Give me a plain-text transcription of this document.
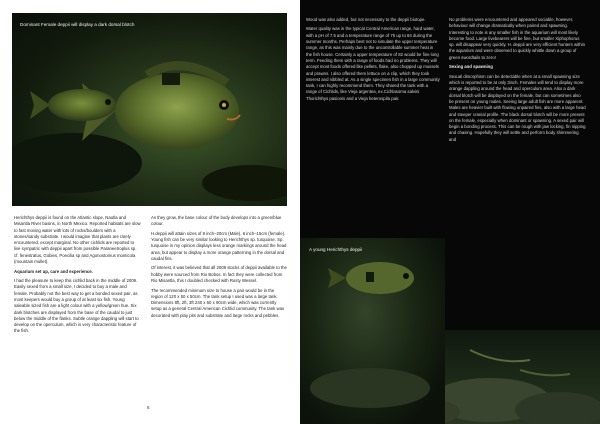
Dominant Female deppii will display a dark dorsal blotch

Herichthys deppii is found on the Atlantic slope, Nautla and Misantla River basins, in North Mexico. Reported habitats are slow to fast moving water with lots of rocks/boulders with a stones/sandy substrate. I would imagine that plants are rarely encountered, except marginal. No other cichlids are reported to live sympatric with deppii apart from possible Paraneetroplus sp. cf. fenestratus, Gobies, Poecilia sp and Agonostomus monticola (mountain mullet).

Aquarium set up, care and experience.

I had the pleasure to keep this cichlid back in the middle of 2009. Easily sexed from a small size, I decided to buy a male and female. Probably not the best way to get a bonded sexed pair, as most keepers would buy a group of at least six fish. Young saleable sized fish are a light colour with a yellow/green hue. Six dark blotches are displayed from the base of the caudal to just below the middle of the flanks. Subtle orange dappling will start to develop on the operculum, which is very characteristic feature of the fish.

As they grow, the base colour of the body develops into a green/blue colour.

H.deppii will attain sizes of 8 inch–20cm (Male), 6 inch–15cm (female). Young fish can be very similar looking to Herichthys sp. turquoise. Sp. turquoise in my opinion displays less orange markings around the head area, but appear to display a more orange patterning in the dorsal and caudal fins.

Of interest, it was believed that all 2009 stocks of deppii available to the hobby were sourced from Rio Bobos. In fact they were collected from Rio Misantla, this I doubled checked with Rusty Wessel.

The recommended minimum size to house a pair would be in the region of 120 x 50 x 50cm. The tank setup I used was a large tank. Dimensions 8ft, 2ft, 3ft 240 x 60 x 90cm wide, which was currently setup as a general Central American Cichlid community. The tank was decorated with play pits and substrate and large rocks and pebbles.

6
A young Herichthys deppii

Wood was also added, but not necessary to the deppii biotope.

Water quality was in the typical Central American range, hard water, with a pH of 7.5 and a temperature range of 75 up to 84 during the summer months. Perhaps best not to simulate the upper temperature range, as this was mainly due to the uncontrollable summer heat in the fish house. Certainly a upper temperature of 82 would be fine long term. Feeding them with a range of foods had no problems. They will accept most foods offered like pellets, flake, also chopped up mussels and prawns. I also offered them lettuce on a clip, which they took interest and nibbled at. As a single specimen fish in a large community tank, I can highly recommend them. They shared the tank with a range of Cichlids, like Vieja argentea, ex.Cichlasoma salvini Thorichthys pasionis and a Vieja heterospila pair.

No problems were encountered and appeared sociable, however, behaviour will change dramatically when paired and spawning. Interesting to note is any smaller fish in the aquarium will most likely become food. Large livebearers will be fine, but smaller Xiphophorus sp. will disappear very quickly. H. deppii are very efficient hunters within the aquarium and were observed to quickly whittle down a group of green swordtails to zero!

Sexing and spawning

Sexual dimorphism can be detectable when at a small spawning size which is reported to be at only 3inch. Females will tend to display more orange dappling around the head and operculum area. Also a dark dorsal blotch will be displayed on the female, but can sometimes also be present on young males. Seeing large adult fish are more apparent. Males are heavier built with flowing unpaired fins, also with a large head and steeper cranial profile. The black dorsal blotch will be more present on the female, especially when dominant or spawning. A sexed pair will begin a bonding process. This can be rough with jaw locking, fin nipping and chasing. Hopefully they will settle and perform body shimmering and
